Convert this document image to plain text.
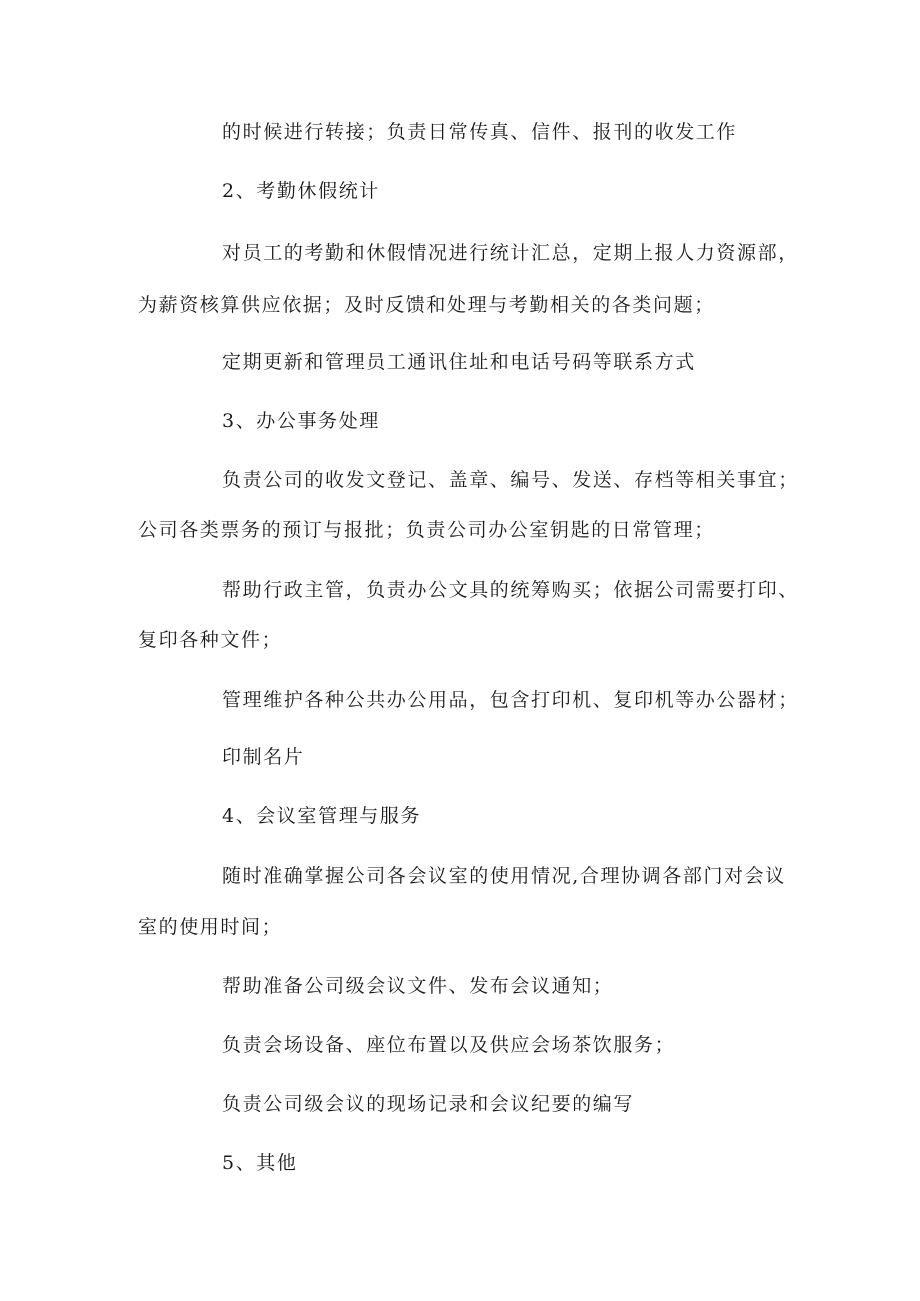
的时候进行转接；负责日常传真、信件、报刊的收发工作
2、考勤休假统计
对员工的考勤和休假情况进行统计汇总，定期上报人力资源部，
为薪资核算供应依据；及时反馈和处理与考勤相关的各类问题；
定期更新和管理员工通讯住址和电话号码等联系方式
3、办公事务处理
负责公司的收发文登记、盖章、编号、发送、存档等相关事宜；
公司各类票务的预订与报批；负责公司办公室钥匙的日常管理；
帮助行政主管，负责办公文具的统筹购买；依据公司需要打印、
复印各种文件；
管理维护各种公共办公用品，包含打印机、复印机等办公器材；
印制名片
4、会议室管理与服务
随时准确掌握公司各会议室的使用情况,合理协调各部门对会议
室的使用时间；
帮助准备公司级会议文件、发布会议通知；
负责会场设备、座位布置以及供应会场茶饮服务；
负责公司级会议的现场记录和会议纪要的编写
5、其他
